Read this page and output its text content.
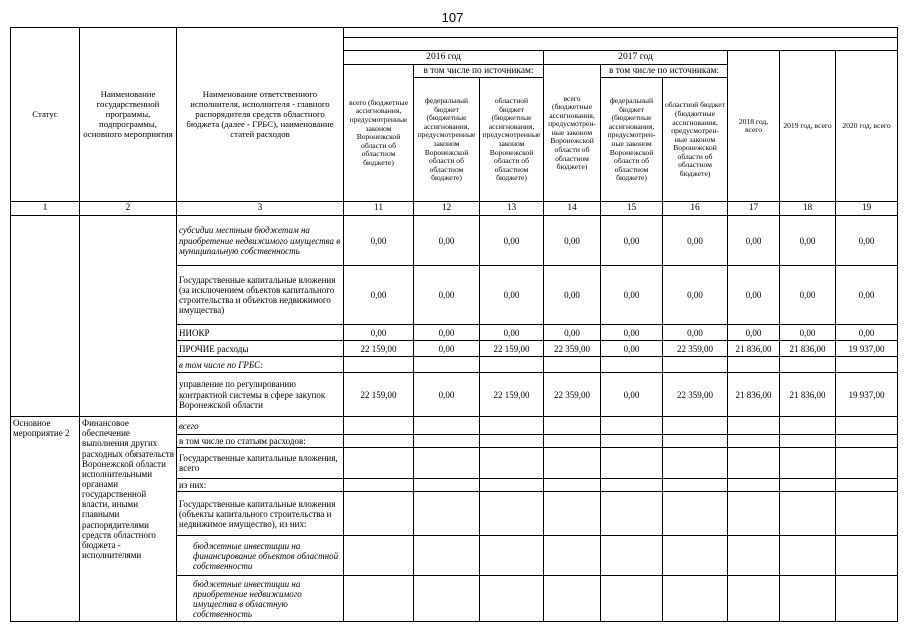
107
Статус	Наименование государственной программы, подпрограммы, основного мероприятия	Наименование ответственного исполнителя, исполнителя - главного распорядителя средств областного бюджета (далее - ГРБС), наименование статей расходов									

			2016 год			2017 год			2018 год, всего	2019 год, всего	2020 год, всего
			всего (бюджетные ассигнования, предусмотренные законом Воронежской области об областном бюджете)	в том числе по источникам:		всего (бюджетные ассигнования, предусмотрен-ные законом Воронежской области об областном бюджете)	в том числе по источникам:				
				федеральный бюджет (бюджетные ассигнования, предусмотренные законом Воронежской области об областном бюджете)	областной бюджет (бюджетные ассигнования, предусмотренные законом Воронежской области об областном бюджете)		федеральный бюджет (бюджетные ассигнования, предусмотрен-ные законом Воронежской области об областном бюджете)	областной бюджет (бюджетные ассигнования, предусмотрен-ные законом Воронежской области об областном бюджете)			

1	2	3	11	12	13	14	15	16	17	18	19
		субсидии местным бюджетам на приобретение недвижимого имущества в муниципальную собственность	0,00	0,00	0,00	0,00	0,00	0,00	0,00	0,00	0,00
		Государственные капитальные вложения (за исключением объектов капитального строительства и объектов недвижимого имущества)	0,00	0,00	0,00	0,00	0,00	0,00	0,00	0,00	0,00
		НИОКР	0,00	0,00	0,00	0,00	0,00	0,00	0,00	0,00	0,00
		ПРОЧИЕ расходы	22 159,00	0,00	22 159,00	22 359,00	0,00	22 359,00	21 836,00	21 836,00	19 937,00
		в том числе по ГРБС:									
		управление по регулированию контрактной системы в сфере закупок Воронежской области	22 159,00	0,00	22 159,00	22 359,00	0,00	22 359,00	21 836,00	21 836,00	19 937,00
Основное мероприятие 2	Финансовое обеспечение выполнения других расходных обязательств Воронежской области исполнительными органами государственной власти, иными главными распорядителями средств областного бюджета - исполнителями	всего									
		в том числе по статьям расходов:									
		Государственные капитальные вложения, всего									
		из них:									
		Государственные капитальные вложения (объекты капитального строительства и недвижимое имущество), из них:									
		бюджетные инвестиции на финансирование объектов областной собственности									
		бюджетные инвестиции на приобретение недвижимого имущества в областную собственность									
